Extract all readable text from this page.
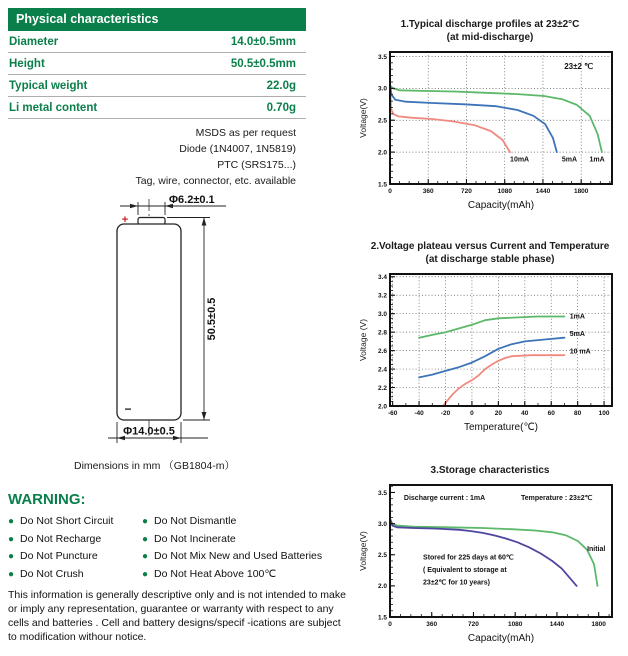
Physical characteristics
Diameter	14.0±0.5mm
Height	50.5±0.5mm
Typical weight	22.0g
Li metal content	0.70g
MSDS as per request
Diode (1N4007, 1N5819)
PTC (SRS175...)
Tag, wire, connector, etc. available
Φ6.2±0.1
+
50.5±0.5
−
Φ14.0±0.5
Dimensions in mm （GB1804-m）
WARNING:
● Do Not Short Circuit
● Do Not Recharge
● Do Not Puncture
● Do Not Crush
● Do Not Dismantle
● Do Not Incinerate
● Do Not Mix New and Used Batteries
● Do Not Heat Above 100℃
This information is generally descriptive only and is not intended to make or imply any representation, guarantee or warranty with respect to any cells and batteries . Cell and battery designs/specif -ications are subject to modification withour notice.
1.Typical discharge profiles at 23±2°C
(at mid-discharge)
0	360	720	1080	1440	1800
1.5
2.0
2.5
3.0
3.5
Capacity(mAh)
Voltage(V)
10mA	5mA 1mA
23±2 ℃
2.Voltage plateau versus Current and Temperature
(at discharge stable phase)
-60	-40	-20	0	20	40	60	80	100
2.0
2.2
2.4
2.6
2.8
3.0
3.2
3.4
Temperature(℃)
Voltage (V)
1mA
5mA
10 mA
3.Storage characteristics
0	360	720	1080	1440	1800
1.5
2.0
2.5
3.0
3.5
Capacity(mAh)
Voltage(V)	Initial
Discharge current : 1mA	Temperature : 23±2℃
Stored for 225 days at 60℃
( Equivalent to storage at
23±2℃ for 10 years)
